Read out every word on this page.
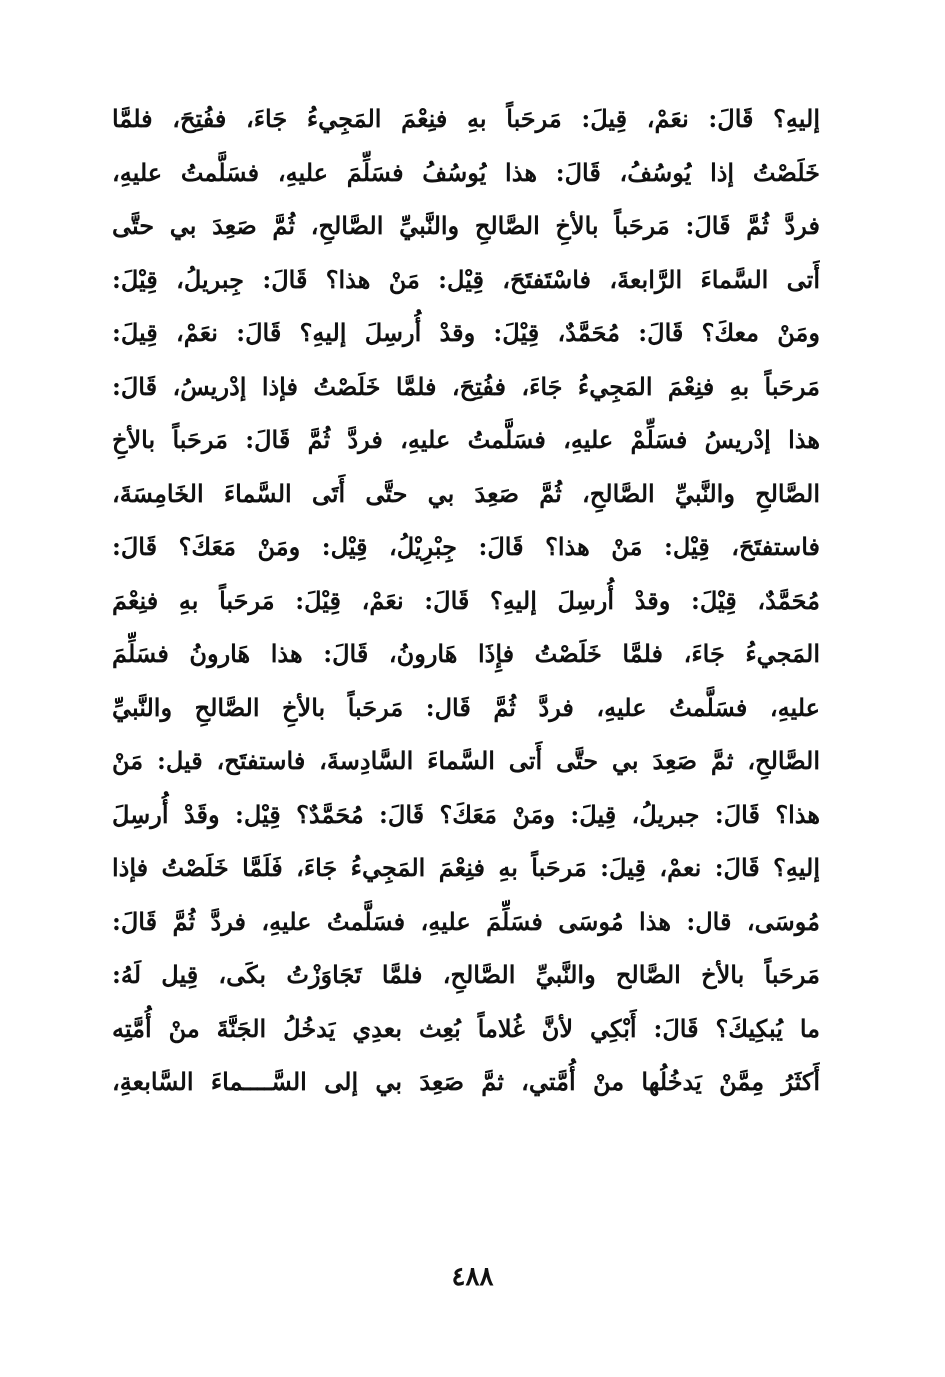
إليهِ؟ قَالَ: نعَمْ، قِيلَ: مَرحَباً بهِ فنِعْمَ المَجِيءُ جَاءَ، ففُتِحَ، فلمَّا
خَلَصْتُ إذا يُوسُفُ، قَالَ: هذا يُوسُفُ فسَلِّمَ عليهِ، فسَلَّمتُ عليهِ،
فردَّ ثُمَّ قَالَ: مَرحَباً بالأخِ الصَّالحِ والنَّبيِّ الصَّالحِ، ثُمَّ صَعِدَ بي حتَّى
أَتى السَّماءَ الرَّابعةَ، فاسْتَفتَحَ، قِيْل: مَنْ هذا؟ قَالَ: جِبريلُ، قِيْلَ:
ومَنْ معكَ؟ قَالَ: مُحَمَّدٌ، قِيْلَ: وقدْ أُرسِلَ إليهِ؟ قَالَ: نعَمْ، قِيلَ:
مَرحَباً بهِ فنِعْمَ المَجِيءُ جَاءَ، ففُتِحَ، فلمَّا خَلَصْتُ فإذا إدْريسُ، قَالَ:
هذا إدْريسُ فسَلِّمْ عليهِ، فسَلَّمتُ عليهِ، فردَّ ثُمَّ قَالَ: مَرحَباً بالأخِ
الصَّالحِ والنَّبيِّ الصَّالحِ، ثُمَّ صَعِدَ بي حتَّى أَتَى السَّماءَ الخَامِسَةَ،
فاستفتَحَ، قِيْل: مَنْ هذا؟ قَالَ: جِبْرِيْلُ، قِيْل: ومَنْ مَعَكَ؟ قَالَ:
مُحَمَّدٌ، قِيْلَ: وقدْ أُرسِلَ إليهِ؟ قَالَ: نعَمْ، قِيْلَ: مَرحَباً بهِ فنِعْمَ
المَجيءُ جَاءَ، فلمَّا خَلَصْتُ فإِذَا هَارونُ، قَالَ: هذا هَارونُ فسَلِّمَ
عليهِ، فسَلَّمتُ عليهِ، فردَّ ثُمَّ قَال: مَرحَباً بالأخِ الصَّالحِ والنَّبيِّ
الصَّالحِ، ثمَّ صَعِدَ بي حتَّى أَتى السَّماءَ السَّادِسةَ، فاستفتَح، قيل: مَنْ
هذا؟ قَالَ: جبريلُ، قِيلَ: ومَنْ مَعَكَ؟ قَالَ: مُحَمَّدٌ؟ قِيْل: وقَدْ أُرسِلَ
إليهِ؟ قَالَ: نعمْ، قِيلَ: مَرحَباً بهِ فنِعْمَ المَجِيءُ جَاءَ، فَلَمَّا خَلَصْتُ فإذا
مُوسَى، قال: هذا مُوسَى فسَلِّمَ عليهِ، فسَلَّمتُ عليهِ، فردَّ ثُمَّ قَالَ:
مَرحَباً بالأخ الصَّالح والنَّبيِّ الصَّالحِ، فلمَّا تَجَاوَزْتُ بكَى، قِيل لَهُ:
ما يُبكِيكَ؟ قَالَ: أَبْكِي لأنَّ غُلاماً بُعِث بعدِي يَدخُلُ الجَنَّةَ منْ أُمَّتِه
أَكثَرُ مِمَّنْ يَدخُلُها منْ أُمَّتي، ثمَّ صَعِدَ بي إلى السَّــــماءَ السَّابعةِ،
٤٨٨
